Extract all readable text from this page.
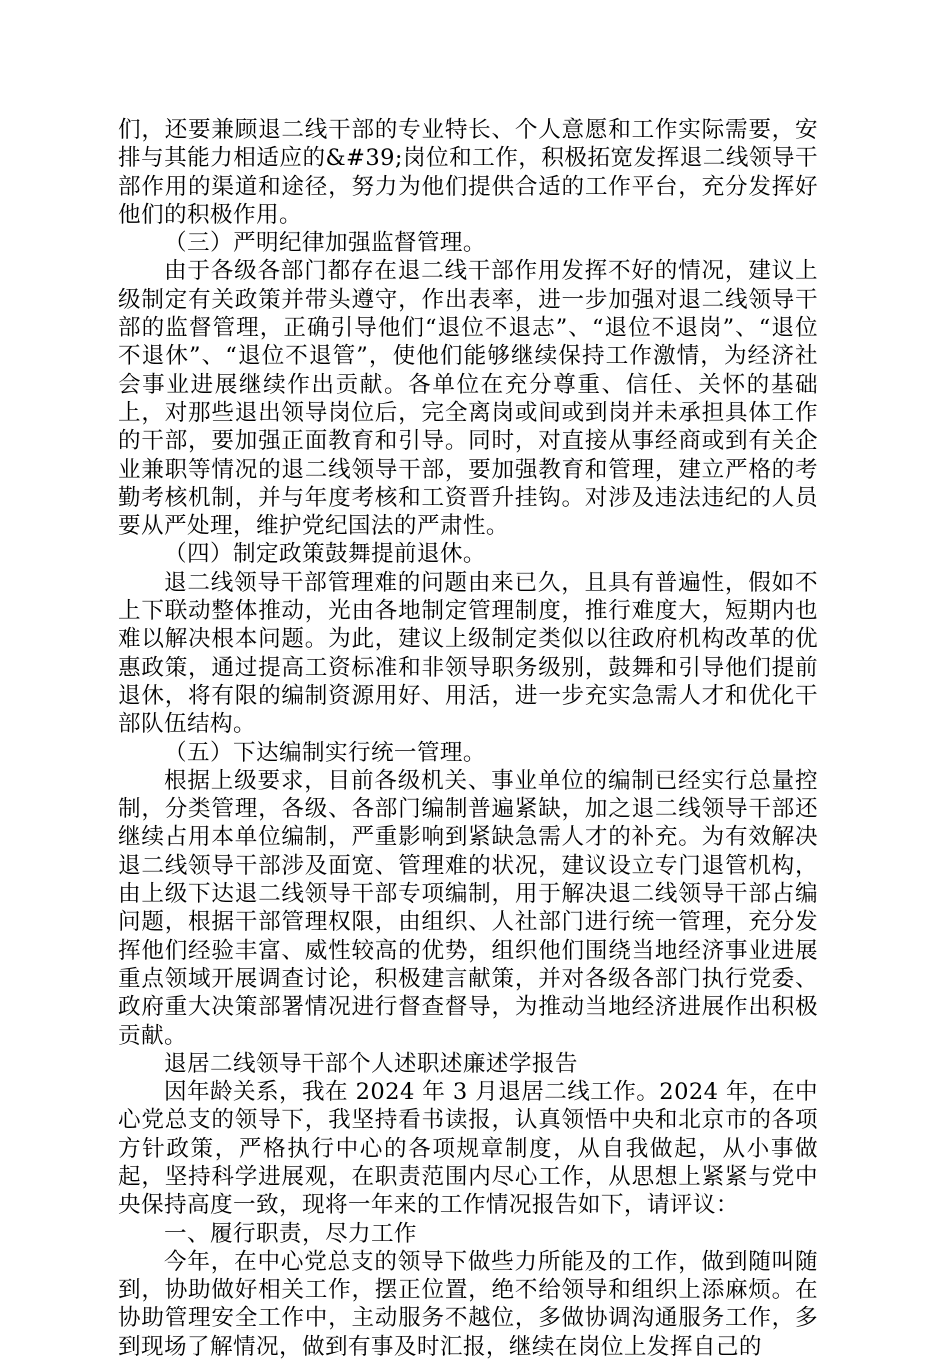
们，还要兼顾退二线干部的专业特长、个人意愿和工作实际需要，安排与其能力相适应的&#39;岗位和工作，积极拓宽发挥退二线领导干部作用的渠道和途径，努力为他们提供合适的工作平台，充分发挥好他们的积极作用。

（三）严明纪律加强监督管理。

由于各级各部门都存在退二线干部作用发挥不好的情况，建议上级制定有关政策并带头遵守，作出表率，进一步加强对退二线领导干部的监督管理，正确引导他们“退位不退志”、“退位不退岗”、“退位不退休”、“退位不退管”，使他们能够继续保持工作激情，为经济社会事业进展继续作出贡献。各单位在充分尊重、信任、关怀的基础上，对那些退出领导岗位后，完全离岗或间或到岗并未承担具体工作的干部，要加强正面教育和引导。同时，对直接从事经商或到有关企业兼职等情况的退二线领导干部，要加强教育和管理，建立严格的考勤考核机制，并与年度考核和工资晋升挂钩。对涉及违法违纪的人员要从严处理，维护党纪国法的严肃性。

（四）制定政策鼓舞提前退休。

退二线领导干部管理难的问题由来已久，且具有普遍性，假如不上下联动整体推动，光由各地制定管理制度，推行难度大，短期内也难以解决根本问题。为此，建议上级制定类似以往政府机构改革的优惠政策，通过提高工资标准和非领导职务级别，鼓舞和引导他们提前退休，将有限的编制资源用好、用活，进一步充实急需人才和优化干部队伍结构。

（五）下达编制实行统一管理。

根据上级要求，目前各级机关、事业单位的编制已经实行总量控制，分类管理，各级、各部门编制普遍紧缺，加之退二线领导干部还继续占用本单位编制，严重影响到紧缺急需人才的补充。为有效解决退二线领导干部涉及面宽、管理难的状况，建议设立专门退管机构，由上级下达退二线领导干部专项编制，用于解决退二线领导干部占编问题，根据干部管理权限，由组织、人社部门进行统一管理，充分发挥他们经验丰富、威性较高的优势，组织他们围绕当地经济事业进展重点领域开展调查讨论，积极建言献策，并对各级各部门执行党委、政府重大决策部署情况进行督查督导，为推动当地经济进展作出积极贡献。

退居二线领导干部个人述职述廉述学报告

因年龄关系，我在 2024 年 3 月退居二线工作。2024 年，在中心党总支的领导下，我坚持看书读报，认真领悟中央和北京市的各项方针政策，严格执行中心的各项规章制度，从自我做起，从小事做起，坚持科学进展观，在职责范围内尽心工作，从思想上紧紧与党中央保持高度一致，现将一年来的工作情况报告如下，请评议：

一、履行职责，尽力工作

今年，在中心党总支的领导下做些力所能及的工作，做到随叫随到，协助做好相关工作，摆正位置，绝不给领导和组织上添麻烦。在协助管理安全工作中，主动服务不越位，多做协调沟通服务工作，多到现场了解情况，做到有事及时汇报，继续在岗位上发挥自己的
